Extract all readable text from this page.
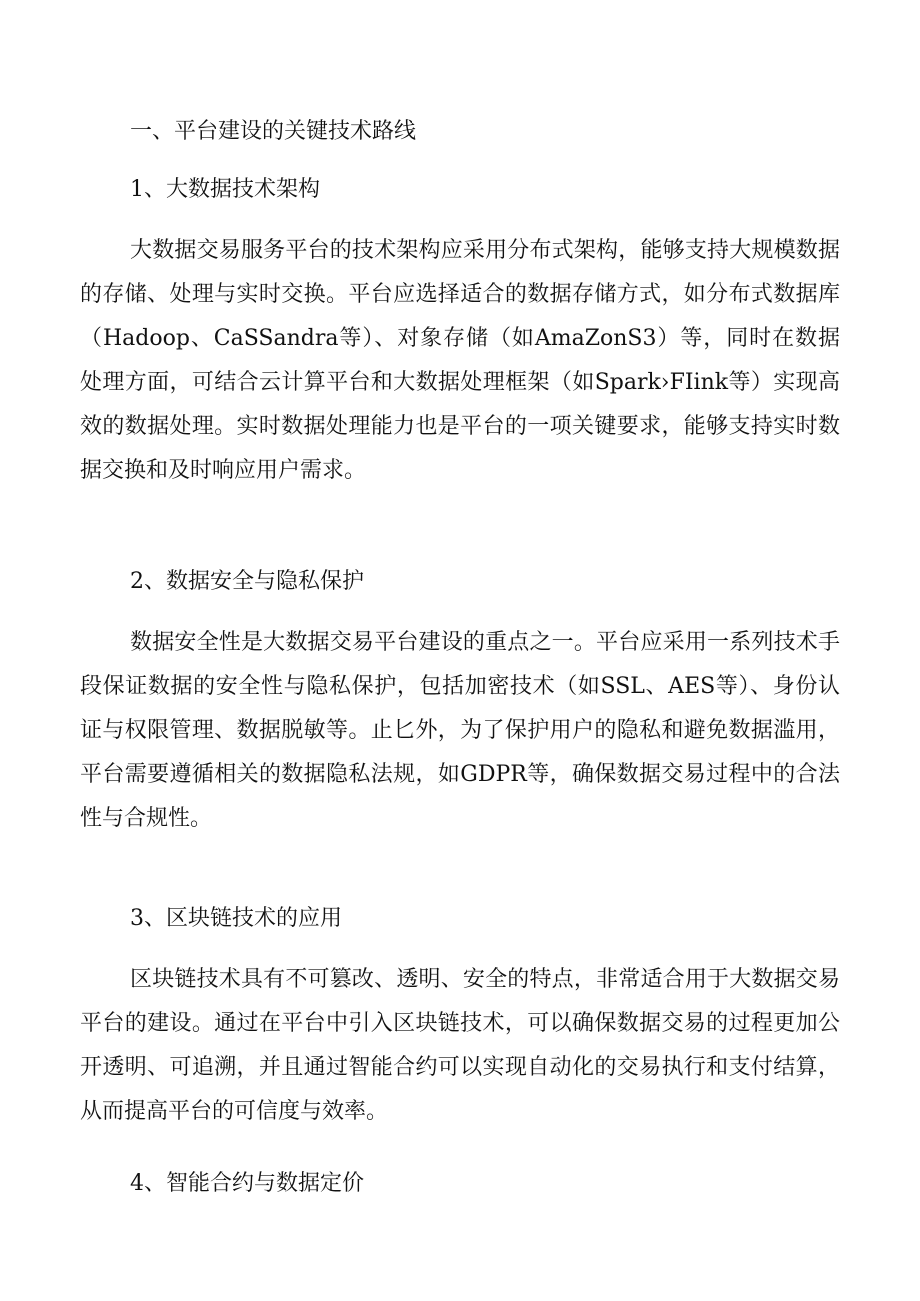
一、平台建设的关键技术路线
1、大数据技术架构
大数据交易服务平台的技术架构应采用分布式架构，能够支持大规模数据的存储、处理与实时交换。平台应选择适合的数据存储方式，如分布式数据库（Hadoop、CaSSandra等）、对象存储（如AmaZonS3）等，同时在数据处理方面，可结合云计算平台和大数据处理框架（如Spark›FIink等）实现高效的数据处理。实时数据处理能力也是平台的一项关键要求，能够支持实时数据交换和及时响应用户需求。
2、数据安全与隐私保护
数据安全性是大数据交易平台建设的重点之一。平台应采用一系列技术手段保证数据的安全性与隐私保护，包括加密技术（如SSL、AES等）、身份认证与权限管理、数据脱敏等。止匕外，为了保护用户的隐私和避免数据滥用，平台需要遵循相关的数据隐私法规，如GDPR等，确保数据交易过程中的合法性与合规性。
3、区块链技术的应用
区块链技术具有不可篡改、透明、安全的特点，非常适合用于大数据交易平台的建设。通过在平台中引入区块链技术，可以确保数据交易的过程更加公开透明、可追溯，并且通过智能合约可以实现自动化的交易执行和支付结算，从而提高平台的可信度与效率。
4、智能合约与数据定价
